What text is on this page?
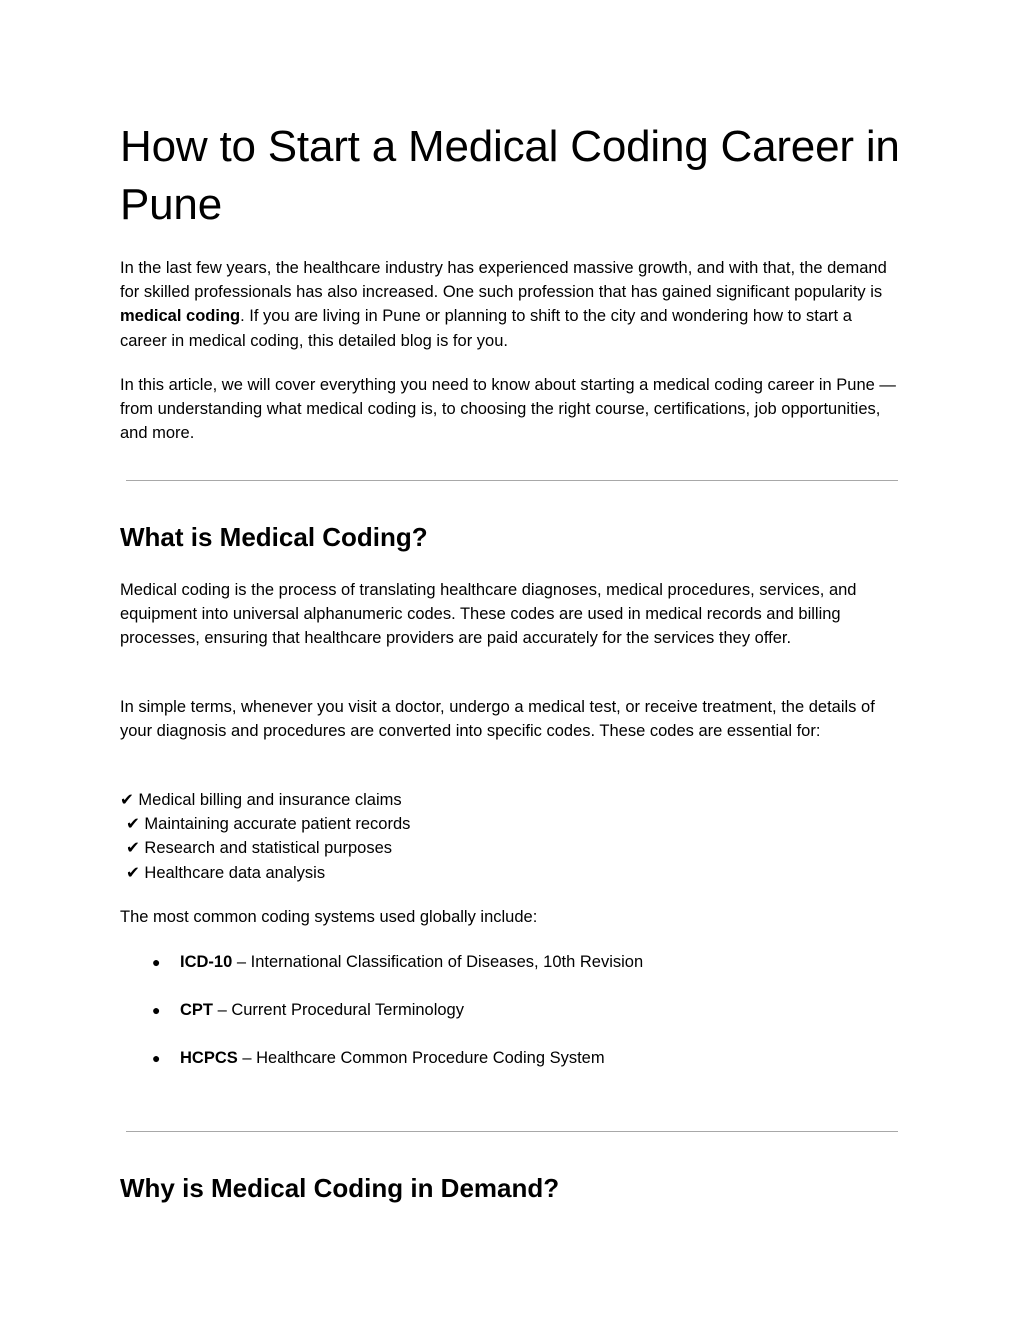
How to Start a Medical Coding Career in Pune

In the last few years, the healthcare industry has experienced massive growth, and with that, the demand for skilled professionals has also increased. One such profession that has gained significant popularity is medical coding. If you are living in Pune or planning to shift to the city and wondering how to start a career in medical coding, this detailed blog is for you.

In this article, we will cover everything you need to know about starting a medical coding career in Pune — from understanding what medical coding is, to choosing the right course, certifications, job opportunities, and more.

What is Medical Coding?

Medical coding is the process of translating healthcare diagnoses, medical procedures, services, and equipment into universal alphanumeric codes. These codes are used in medical records and billing processes, ensuring that healthcare providers are paid accurately for the services they offer.

In simple terms, whenever you visit a doctor, undergo a medical test, or receive treatment, the details of your diagnosis and procedures are converted into specific codes. These codes are essential for:

✔ Medical billing and insurance claims
✔ Maintaining accurate patient records
✔ Research and statistical purposes
✔ Healthcare data analysis

The most common coding systems used globally include:

● ICD-10 – International Classification of Diseases, 10th Revision
● CPT – Current Procedural Terminology
● HCPCS – Healthcare Common Procedure Coding System
Why is Medical Coding in Demand?
